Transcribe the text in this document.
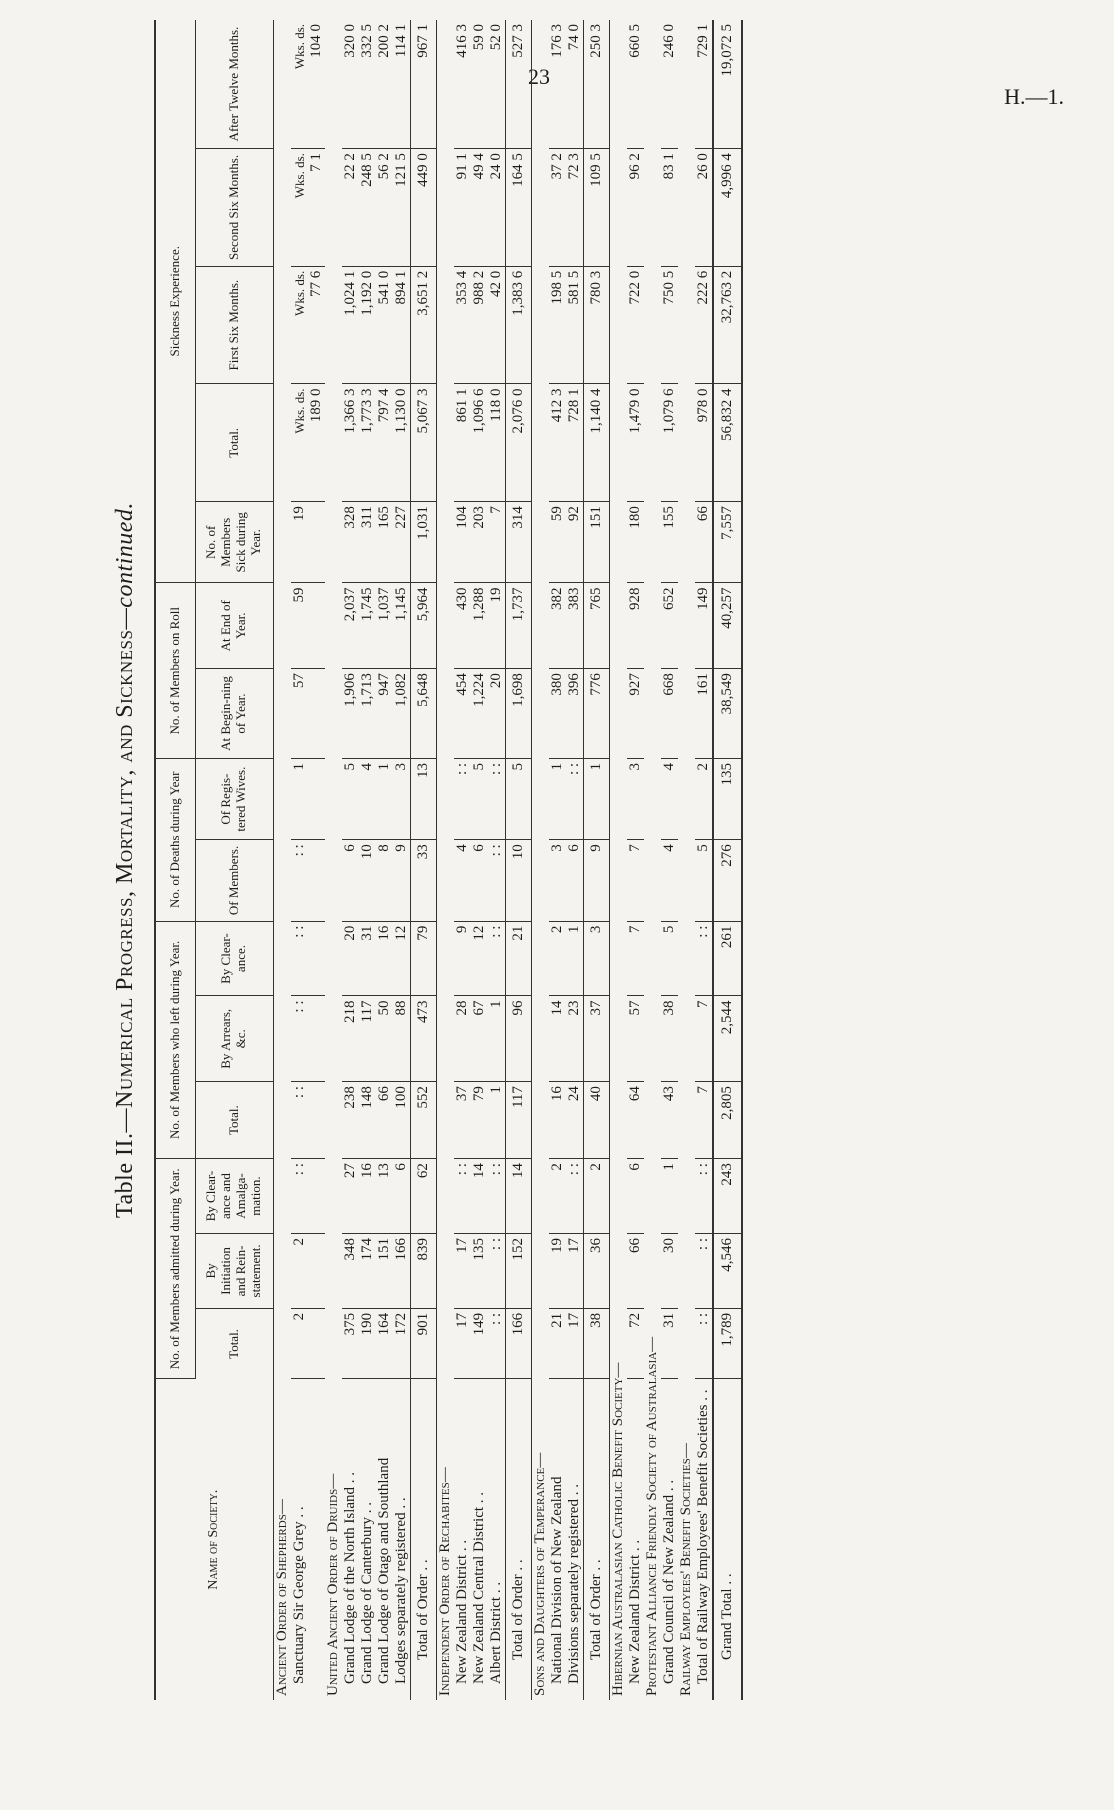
23
H.—1.
Table II.—Numerical Progress, Mortality, and Sickness—continued.
Name of Society.	No. of Members admitted during Year.			No. of Members who left during Year.			No. of Deaths during Year		No. of Members on Roll		Sickness Experience.				
	Total.	By Initiation and Rein-statement.	By Clear-ance and Amalga-mation.	Total.	By Arrears, &c.	By Clear-ance.	Of Members.	Of Regis-tered Wives.	At Begin-ning of Year.	At End of Year.	No. of Members Sick during Year.	Total.	First Six Months.	Second Six Months.	After Twelve Months.
Ancient Order of Shepherds—															
Sanctuary Sir George Grey . .	2	2	: :	: :	: :	: :	: :	1	57	59	19	Wks. ds. 189 0	Wks. ds. 77 6	Wks. ds. 7 1	Wks. ds. 104 0
United Ancient Order of Druids—															
Grand Lodge of the North Island . .	375	348	27	238	218	20	6	5	1,906	2,037	328	1,366 3	1,024 1	22 2	320 0
Grand Lodge of Canterbury . .	190	174	16	148	117	31	10	4	1,713	1,745	311	1,773 3	1,192 0	248 5	332 5
Grand Lodge of Otago and Southland	164	151	13	66	50	16	8	1	947	1,037	165	797 4	541 0	56 2	200 2
Lodges separately registered . .	172	166	6	100	88	12	9	3	1,082	1,145	227	1,130 0	894 1	121 5	114 1
Total of Order . .	901	839	62	552	473	79	33	13	5,648	5,964	1,031	5,067 3	3,651 2	449 0	967 1
Independent Order of Rechabites—															
New Zealand District . .	17	17	: :	37	28	9	4	: :	454	430	104	861 1	353 4	91 1	416 3
New Zealand Central District . .	149	135	14	79	67	12	6	5	1,224	1,288	203	1,096 6	988 2	49 4	59 0
Albert District . .	: :	: :	: :	1	1	: :	: :	: :	20	19	7	118 0	42 0	24 0	52 0
Total of Order . .	166	152	14	117	96	21	10	5	1,698	1,737	314	2,076 0	1,383 6	164 5	527 3
Sons and Daughters of Temperance—															
National Division of New Zealand	21	19	2	16	14	2	3	1	380	382	59	412 3	198 5	37 2	176 3
Divisions separately registered . .	17	17	: :	24	23	1	6	: :	396	383	92	728 1	581 5	72 3	74 0
Total of Order . .	38	36	2	40	37	3	9	1	776	765	151	1,140 4	780 3	109 5	250 3
Hibernian Australasian Catholic Benefit Society—															
New Zealand District . .	72	66	6	64	57	7	7	3	927	928	180	1,479 0	722 0	96 2	660 5
Protestant Alliance Friendly Society of Australasia—															
Grand Council of New Zealand . .	31	30	1	43	38	5	4	4	668	652	155	1,079 6	750 5	83 1	246 0
Railway Employees' Benefit Societies—															
Total of Railway Employees' Benefit Societies . .	: :	: :	: :	7	7	: :	5	2	161	149	66	978 0	222 6	26 0	729 1
Grand Total . .	1,789	4,546	243	2,805	2,544	261	276	135	38,549	40,257	7,557	56,832 4	32,763 2	4,996 4	19,072 5
